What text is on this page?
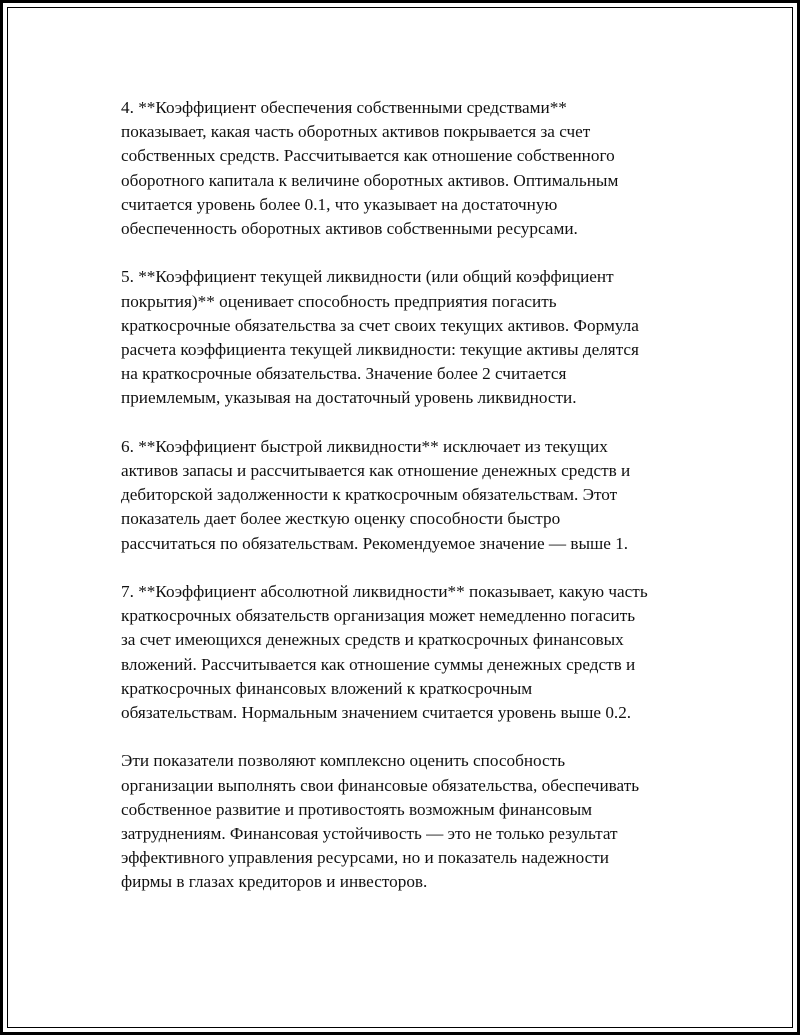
4. **Коэффициент обеспечения собственными средствами**
показывает, какая часть оборотных активов покрывается за счет
собственных средств. Рассчитывается как отношение собственного
оборотного капитала к величине оборотных активов. Оптимальным
считается уровень более 0.1, что указывает на достаточную
обеспеченность оборотных активов собственными ресурсами.

5. **Коэффициент текущей ликвидности (или общий коэффициент
покрытия)** оценивает способность предприятия погасить
краткосрочные обязательства за счет своих текущих активов. Формула
расчета коэффициента текущей ликвидности: текущие активы делятся
на краткосрочные обязательства. Значение более 2 считается
приемлемым, указывая на достаточный уровень ликвидности.

6. **Коэффициент быстрой ликвидности** исключает из текущих
активов запасы и рассчитывается как отношение денежных средств и
дебиторской задолженности к краткосрочным обязательствам. Этот
показатель дает более жесткую оценку способности быстро
рассчитаться по обязательствам. Рекомендуемое значение — выше 1.

7. **Коэффициент абсолютной ликвидности** показывает, какую часть
краткосрочных обязательств организация может немедленно погасить
за счет имеющихся денежных средств и краткосрочных финансовых
вложений. Рассчитывается как отношение суммы денежных средств и
краткосрочных финансовых вложений к краткосрочным
обязательствам. Нормальным значением считается уровень выше 0.2.

Эти показатели позволяют комплексно оценить способность
организации выполнять свои финансовые обязательства, обеспечивать
собственное развитие и противостоять возможным финансовым
затруднениям. Финансовая устойчивость — это не только результат
эффективного управления ресурсами, но и показатель надежности
фирмы в глазах кредиторов и инвесторов.
